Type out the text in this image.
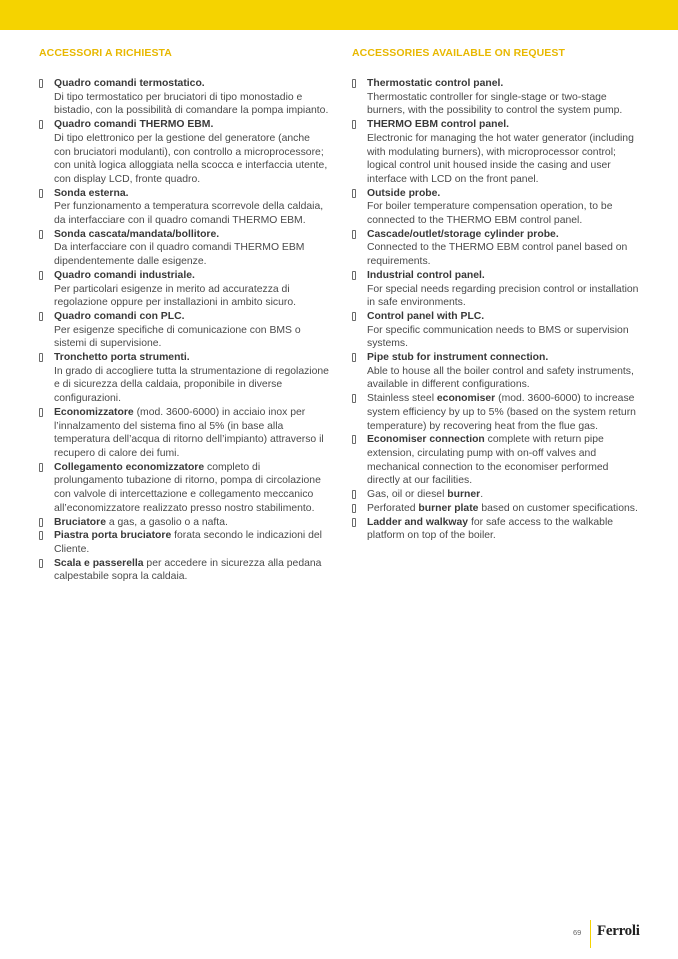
ACCESSORI A RICHIESTA
Quadro comandi termostatico.
Di tipo termostatico per bruciatori di tipo monostadio e bistadio, con la possibilità di comandare la pompa impianto.
Quadro comandi THERMO EBM.
Di tipo elettronico per la gestione del generatore (anche con bruciatori modulanti), con controllo a microprocessore; con unità logica alloggiata nella scocca e interfaccia utente, con display LCD, fronte quadro.
Sonda esterna.
Per funzionamento a temperatura scorrevole della caldaia, da interfacciare con il quadro comandi THERMO EBM.
Sonda cascata/mandata/bollitore.
Da interfacciare con il quadro comandi THERMO EBM dipendentemente dalle esigenze.
Quadro comandi industriale.
Per particolari esigenze in merito ad accuratezza di regolazione oppure per installazioni in ambito sicuro.
Quadro comandi con PLC.
Per esigenze specifiche di comunicazione con BMS o sistemi di supervisione.
Tronchetto porta strumenti.
In grado di accogliere tutta la strumentazione di regolazione e di sicurezza della caldaia, proponibile in diverse configurazioni.
Economizzatore (mod. 3600-6000) in acciaio inox per l’innalzamento del sistema fino al 5% (in base alla temperatura dell’acqua di ritorno dell’impianto) attraverso il recupero di calore dei fumi.
Collegamento economizzatore completo di prolungamento tubazione di ritorno, pompa di circolazione con valvole di intercettazione e collegamento meccanico all’economizzatore realizzato presso nostro stabilimento.
Bruciatore a gas, a gasolio o a nafta.
Piastra porta bruciatore forata secondo le indicazioni del Cliente.
Scala e passerella per accedere in sicurezza alla pedana calpestabile sopra la caldaia.
ACCESSORIES AVAILABLE ON REQUEST
Thermostatic control panel.
Thermostatic controller for single-stage or two-stage burners, with the possibility to control the system pump.
THERMO EBM control panel.
Electronic for managing the hot water generator (including with modulating burners), with microprocessor control; logical control unit housed inside the casing and user interface with LCD on the front panel.
Outside probe.
For boiler temperature compensation operation, to be connected to the THERMO EBM control panel.
Cascade/outlet/storage cylinder probe.
Connected to the THERMO EBM control panel based on requirements.
Industrial control panel.
For special needs regarding precision control or installation in safe environments.
Control panel with PLC.
For specific communication needs to BMS or supervision systems.
Pipe stub for instrument connection.
Able to house all the boiler control and safety instruments, available in different configurations.
Stainless steel economiser (mod. 3600-6000) to increase system efficiency by up to 5% (based on the system return temperature) by recovering heat from the flue gas.
Economiser connection complete with return pipe extension, circulating pump with on-off valves and mechanical connection to the economiser performed directly at our facilities.
Gas, oil or diesel burner.
Perforated burner plate based on customer specifications.
Ladder and walkway for safe access to the walkable platform on top of the boiler.
69 Ferroli
